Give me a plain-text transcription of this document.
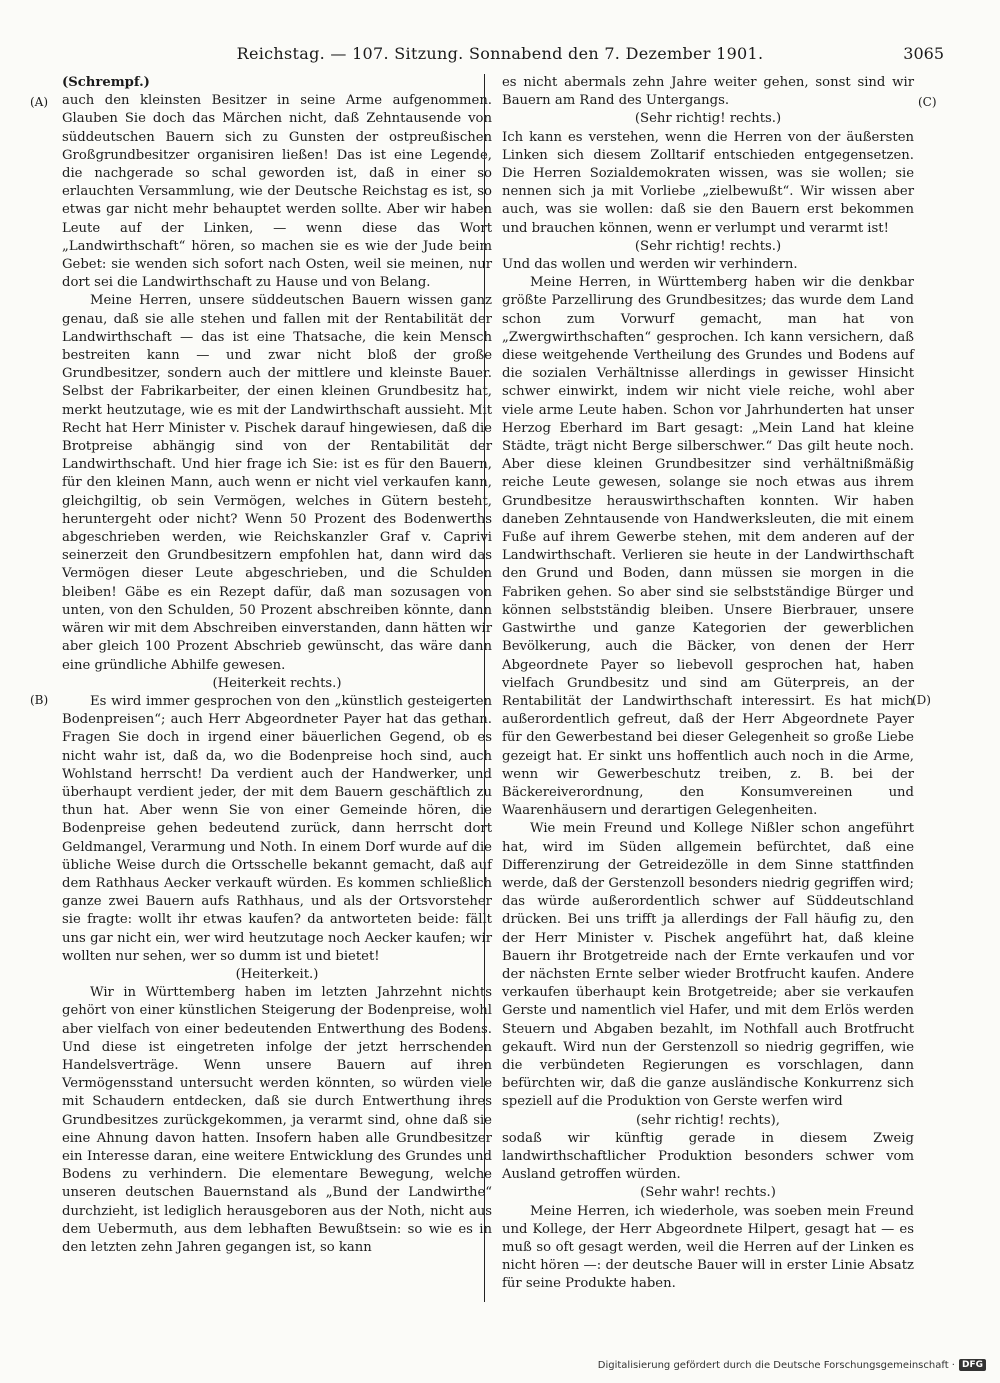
Reichstag. — 107. Sitzung. Sonnabend den 7. Dezember 1901.	3065
(A)
(B)
(C)
(D)

(Schrempf.)

auch den kleinsten Besitzer in seine Arme aufgenommen. Glauben Sie doch das Märchen nicht, daß Zehntausende von süddeutschen Bauern sich zu Gunsten der ostpreußischen Großgrundbesitzer organisiren ließen! Das ist eine Legende, die nachgerade so schal geworden ist, daß in einer so erlauchten Versammlung, wie der Deutsche Reichstag es ist, so etwas gar nicht mehr behauptet werden sollte. Aber wir haben Leute auf der Linken, — wenn diese das Wort „Landwirthschaft“ hören, so machen sie es wie der Jude beim Gebet: sie wenden sich sofort nach Osten, weil sie meinen, nur dort sei die Landwirthschaft zu Hause und von Belang.

Meine Herren, unsere süddeutschen Bauern wissen ganz genau, daß sie alle stehen und fallen mit der Rentabilität der Landwirthschaft — das ist eine Thatsache, die kein Mensch bestreiten kann — und zwar nicht bloß der große Grundbesitzer, sondern auch der mittlere und kleinste Bauer. Selbst der Fabrikarbeiter, der einen kleinen Grundbesitz hat, merkt heutzutage, wie es mit der Landwirthschaft aussieht. Mit Recht hat Herr Minister v. Pischek darauf hingewiesen, daß die Brotpreise abhängig sind von der Rentabilität der Landwirthschaft. Und hier frage ich Sie: ist es für den Bauern, für den kleinen Mann, auch wenn er nicht viel verkaufen kann, gleichgiltig, ob sein Vermögen, welches in Gütern besteht, heruntergeht oder nicht? Wenn 50 Prozent des Bodenwerths abgeschrieben werden, wie Reichskanzler Graf v. Caprivi seinerzeit den Grundbesitzern empfohlen hat, dann wird das Vermögen dieser Leute abgeschrieben, und die Schulden bleiben! Gäbe es ein Rezept dafür, daß man sozusagen von unten, von den Schulden, 50 Prozent abschreiben könnte, dann wären wir mit dem Abschreiben einverstanden, dann hätten wir aber gleich 100 Prozent Abschrieb gewünscht, das wäre dann eine gründliche Abhilfe gewesen.

(Heiterkeit rechts.)

Es wird immer gesprochen von den „künstlich gesteigerten Bodenpreisen“; auch Herr Abgeordneter Payer hat das gethan. Fragen Sie doch in irgend einer bäuerlichen Gegend, ob es nicht wahr ist, daß da, wo die Bodenpreise hoch sind, auch Wohlstand herrscht! Da verdient auch der Handwerker, und überhaupt verdient jeder, der mit dem Bauern geschäftlich zu thun hat. Aber wenn Sie von einer Gemeinde hören, die Bodenpreise gehen bedeutend zurück, dann herrscht dort Geldmangel, Verarmung und Noth. In einem Dorf wurde auf die übliche Weise durch die Ortsschelle bekannt gemacht, daß auf dem Rathhaus Aecker verkauft würden. Es kommen schließlich ganze zwei Bauern aufs Rathhaus, und als der Ortsvorsteher sie fragte: wollt ihr etwas kaufen? da antworteten beide: fällt uns gar nicht ein, wer wird heutzutage noch Aecker kaufen; wir wollten nur sehen, wer so dumm ist und bietet!

(Heiterkeit.)

Wir in Württemberg haben im letzten Jahrzehnt nichts gehört von einer künstlichen Steigerung der Bodenpreise, wohl aber vielfach von einer bedeutenden Entwerthung des Bodens. Und diese ist eingetreten infolge der jetzt herrschenden Handelsverträge. Wenn unsere Bauern auf ihren Vermögensstand untersucht werden könnten, so würden viele mit Schaudern entdecken, daß sie durch Entwerthung ihres Grundbesitzes zurückgekommen, ja verarmt sind, ohne daß sie eine Ahnung davon hatten. Insofern haben alle Grundbesitzer ein Interesse daran, eine weitere Entwicklung des Grundes und Bodens zu verhindern. Die elementare Bewegung, welche unseren deutschen Bauernstand als „Bund der Landwirthe“ durchzieht, ist lediglich herausgeboren aus der Noth, nicht aus dem Uebermuth, aus dem lebhaften Bewußtsein: so wie es in den letzten zehn Jahren gegangen ist, so kann

es nicht abermals zehn Jahre weiter gehen, sonst sind wir Bauern am Rand des Untergangs.

(Sehr richtig! rechts.)

Ich kann es verstehen, wenn die Herren von der äußersten Linken sich diesem Zolltarif entschieden entgegensetzen. Die Herren Sozialdemokraten wissen, was sie wollen; sie nennen sich ja mit Vorliebe „zielbewußt“. Wir wissen aber auch, was sie wollen: daß sie den Bauern erst bekommen und brauchen können, wenn er verlumpt und verarmt ist!

(Sehr richtig! rechts.)

Und das wollen und werden wir verhindern.

Meine Herren, in Württemberg haben wir die denkbar größte Parzellirung des Grundbesitzes; das wurde dem Land schon zum Vorwurf gemacht, man hat von „Zwergwirthschaften“ gesprochen. Ich kann versichern, daß diese weitgehende Vertheilung des Grundes und Bodens auf die sozialen Verhältnisse allerdings in gewisser Hinsicht schwer einwirkt, indem wir nicht viele reiche, wohl aber viele arme Leute haben. Schon vor Jahrhunderten hat unser Herzog Eberhard im Bart gesagt: „Mein Land hat kleine Städte, trägt nicht Berge silberschwer.“ Das gilt heute noch. Aber diese kleinen Grundbesitzer sind verhältnißmäßig reiche Leute gewesen, solange sie noch etwas aus ihrem Grundbesitze herauswirthschaften konnten. Wir haben daneben Zehntausende von Handwerksleuten, die mit einem Fuße auf ihrem Gewerbe stehen, mit dem anderen auf der Landwirthschaft. Verlieren sie heute in der Landwirthschaft den Grund und Boden, dann müssen sie morgen in die Fabriken gehen. So aber sind sie selbstständige Bürger und können selbstständig bleiben. Unsere Bierbrauer, unsere Gastwirthe und ganze Kategorien der gewerblichen Bevölkerung, auch die Bäcker, von denen der Herr Abgeordnete Payer so liebevoll gesprochen hat, haben vielfach Grundbesitz und sind am Güterpreis, an der Rentabilität der Landwirthschaft interessirt. Es hat mich außerordentlich gefreut, daß der Herr Abgeordnete Payer für den Gewerbestand bei dieser Gelegenheit so große Liebe gezeigt hat. Er sinkt uns hoffentlich auch noch in die Arme, wenn wir Gewerbeschutz treiben, z. B. bei der Bäckereiverordnung, den Konsumvereinen und Waarenhäusern und derartigen Gelegenheiten.

Wie mein Freund und Kollege Nißler schon angeführt hat, wird im Süden allgemein befürchtet, daß eine Differenzirung der Getreidezölle in dem Sinne stattfinden werde, daß der Gerstenzoll besonders niedrig gegriffen wird; das würde außerordentlich schwer auf Süddeutschland drücken. Bei uns trifft ja allerdings der Fall häufig zu, den der Herr Minister v. Pischek angeführt hat, daß kleine Bauern ihr Brotgetreide nach der Ernte verkaufen und vor der nächsten Ernte selber wieder Brotfrucht kaufen. Andere verkaufen überhaupt kein Brotgetreide; aber sie verkaufen Gerste und namentlich viel Hafer, und mit dem Erlös werden Steuern und Abgaben bezahlt, im Nothfall auch Brotfrucht gekauft. Wird nun der Gerstenzoll so niedrig gegriffen, wie die verbündeten Regierungen es vorschlagen, dann befürchten wir, daß die ganze ausländische Konkurrenz sich speziell auf die Produktion von Gerste werfen wird

(sehr richtig! rechts),

sodaß wir künftig gerade in diesem Zweig landwirthschaftlicher Produktion besonders schwer vom Ausland getroffen würden.

(Sehr wahr! rechts.)

Meine Herren, ich wiederhole, was soeben mein Freund und Kollege, der Herr Abgeordnete Hilpert, gesagt hat — es muß so oft gesagt werden, weil die Herren auf der Linken es nicht hören —: der deutsche Bauer will in erster Linie Absatz für seine Produkte haben.

Digitalisierung gefördert durch die Deutsche Forschungsgemeinschaft · DFG
